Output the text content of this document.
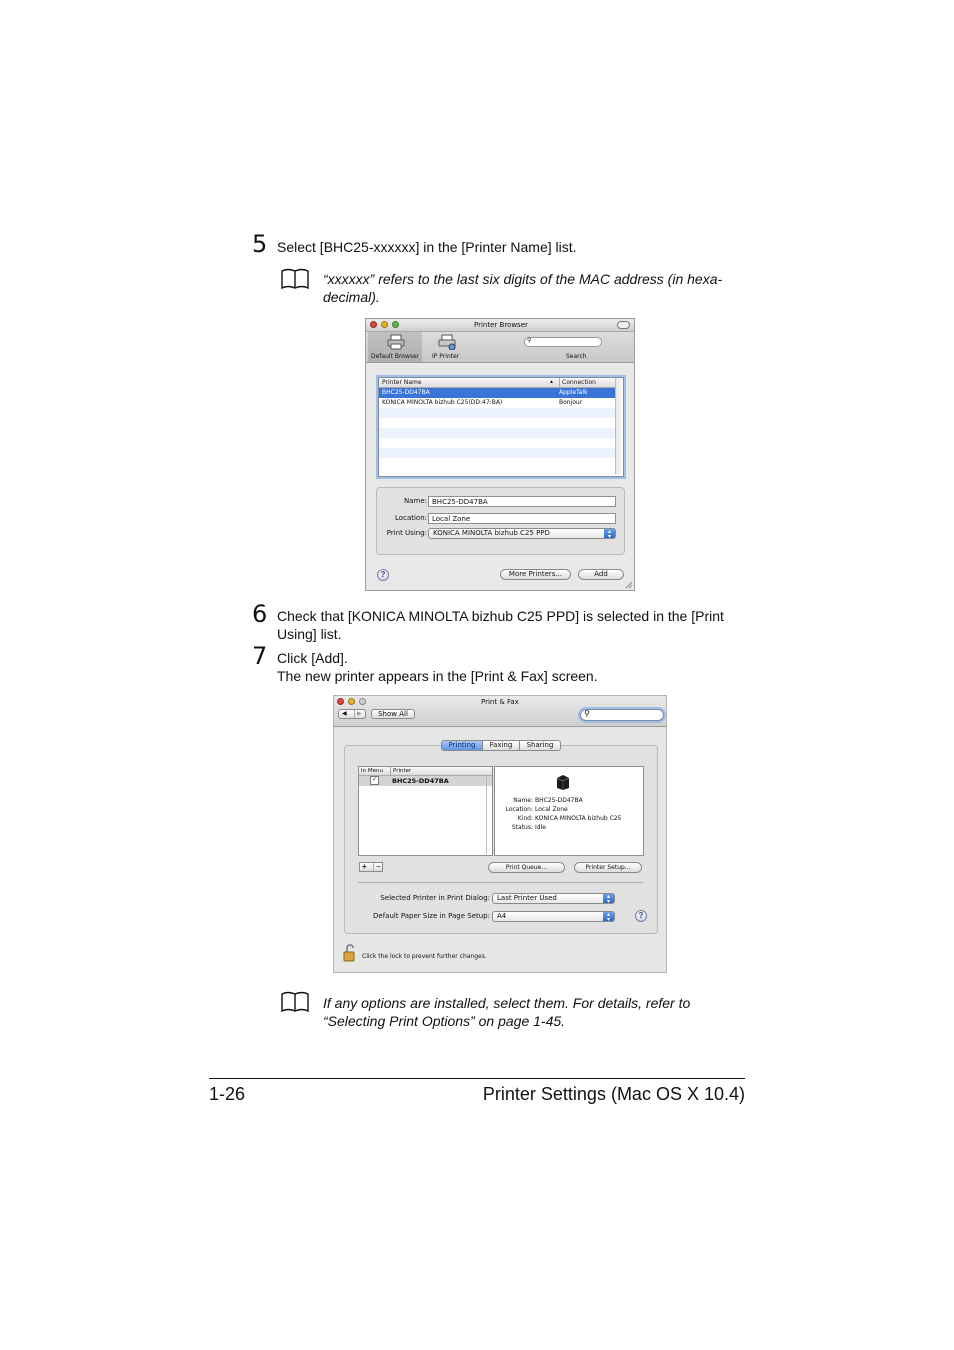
5 Select [BHC25-xxxxxx] in the [Printer Name] list.
“xxxxxx” refers to the last six digits of the MAC address (in hexa-
decimal).
Printer Browser
Default Browser IP Printer
⚲
Search
Printer Name	▲	Connection
BHC25-DD47BA	AppleTalk
KONICA MINOLTA bizhub C25(DD:47:BA)	Bonjour
Name: BHC25-DD47BA
Location: Local Zone
Print Using: KONICA MINOLTA bizhub C25 PPD	▴
▾
?	More Printers...	Add
6 Check that [KONICA MINOLTA bizhub C25 PPD] is selected in the [Print
Using] list.
7 Click [Add].
The new printer appears in the [Print & Fax] screen.
Print & Fax
◀	▶	Show All	⚲
Printing	Faxing	Sharing
In Menu	Printer
✓	BHC25-DD47BA
Name: BHC25-DD47BA
Location: Local Zone
Kind: KONICA MINOLTA bizhub C25
Status: Idle
+	−	Print Queue...	Printer Setup...
Selected Printer in Print Dialog:	Last Printer Used	▴
▾
Default Paper Size in Page Setup:	A4	▴
▾	?
Click the lock to prevent further changes.
If any options are installed, select them. For details, refer to
“Selecting Print Options” on page 1-45.
1-26	Printer Settings (Mac OS X 10.4)
